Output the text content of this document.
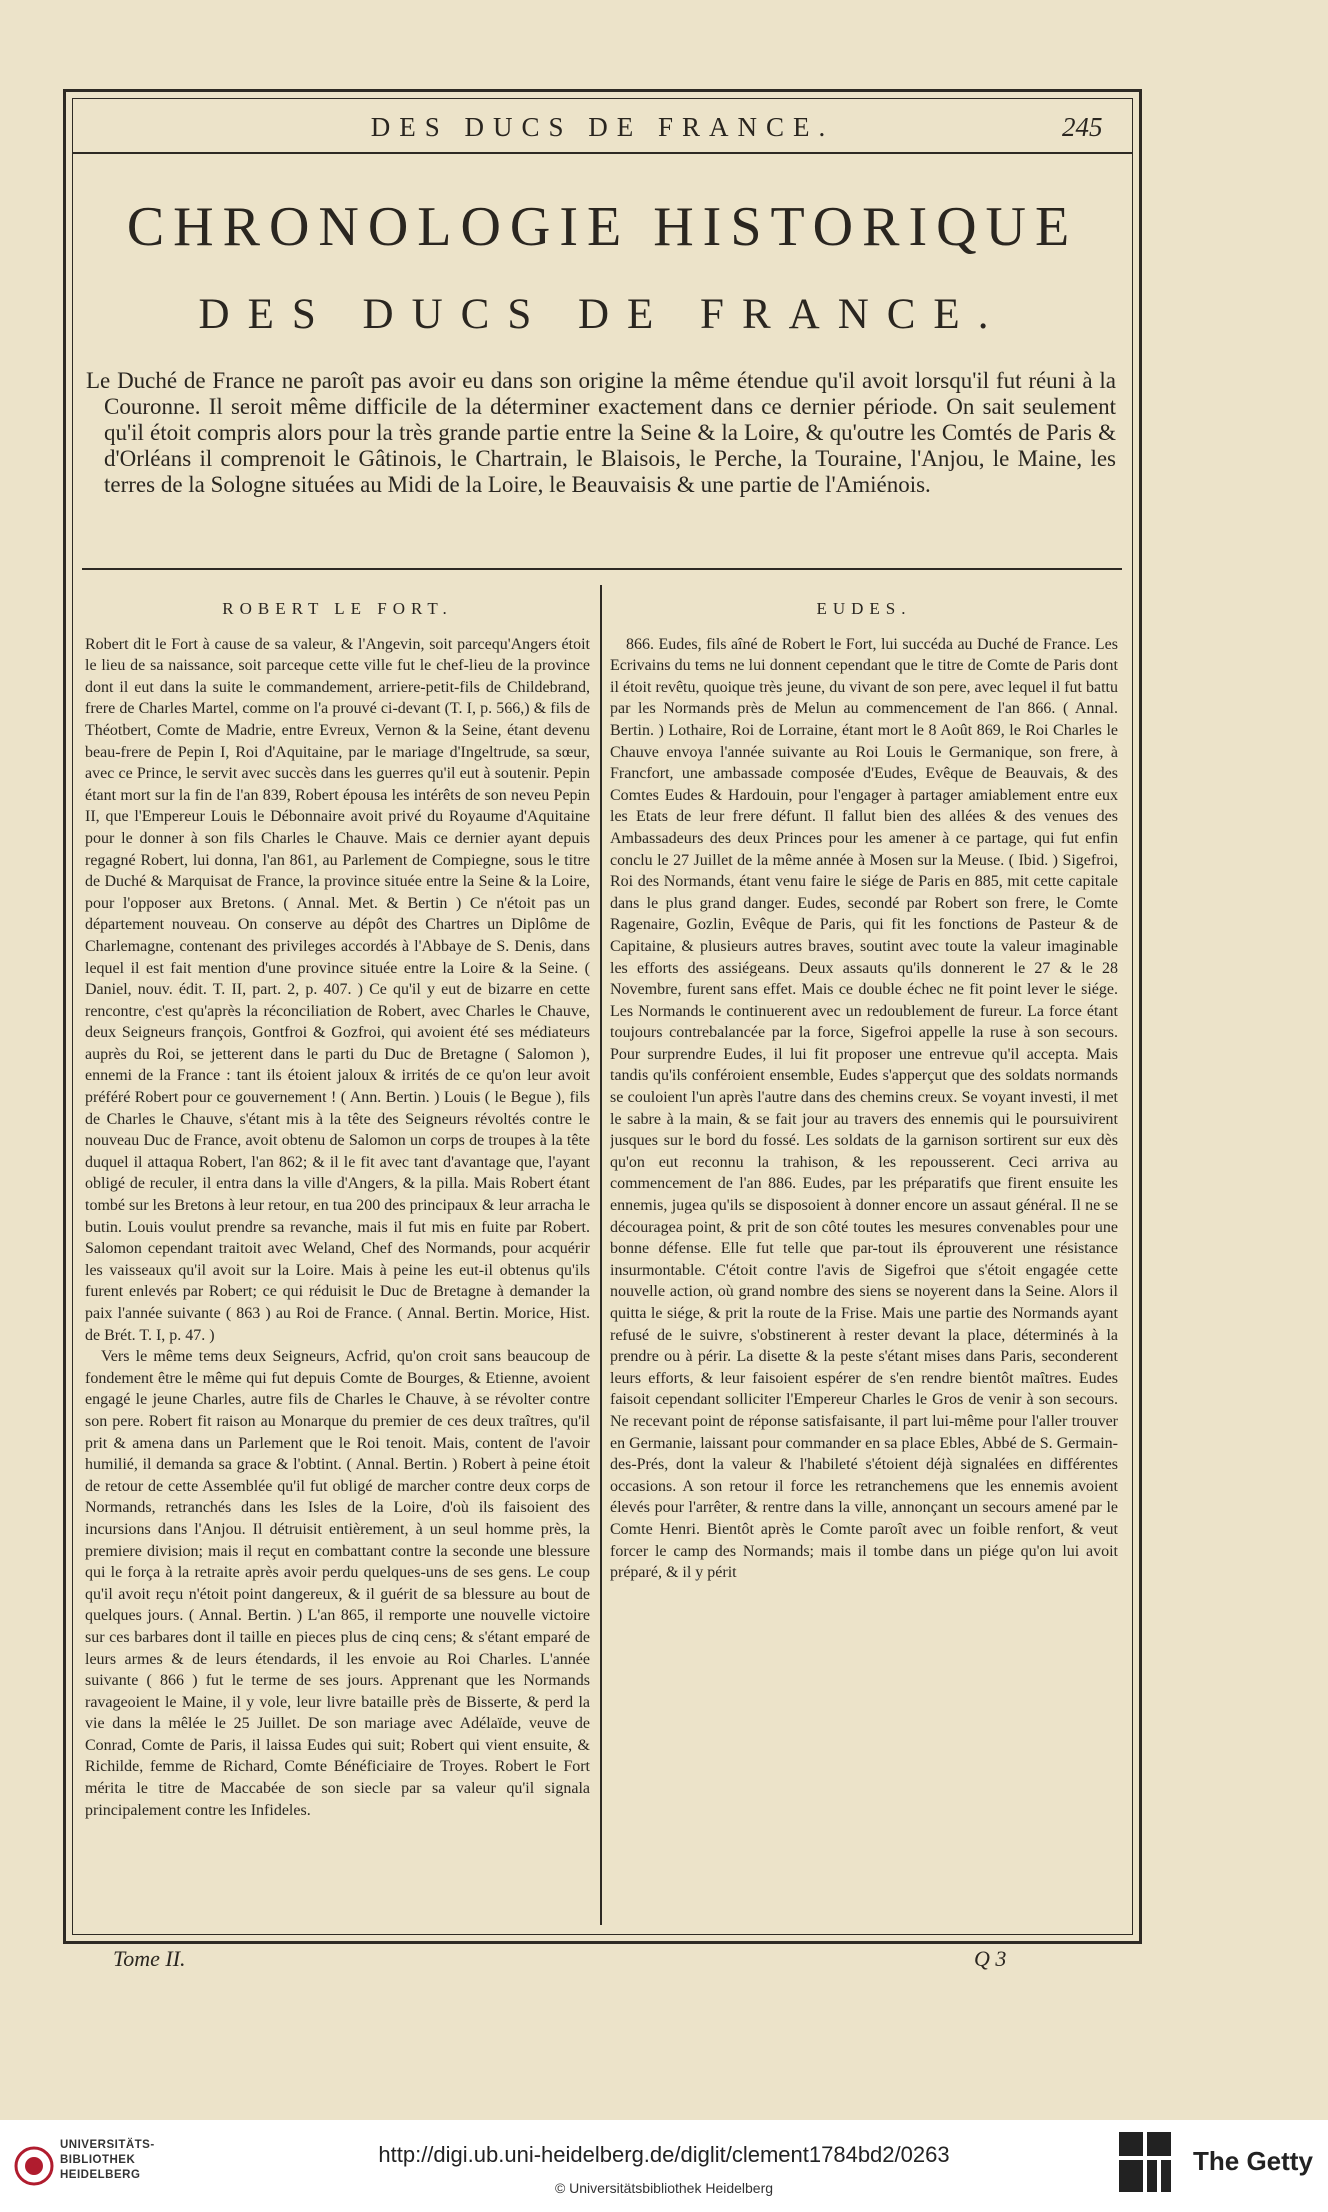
DES DUCS DE FRANCE.	245
CHRONOLOGIE HISTORIQUE
DES DUCS DE FRANCE.
Le Duché de France ne paroît pas avoir eu dans son origine la même étendue qu'il avoit lorsqu'il fut réuni à la Couronne. Il seroit même difficile de la déterminer exactement dans ce dernier période. On sait seulement qu'il étoit compris alors pour la très grande partie entre la Seine & la Loire, & qu'outre les Comtés de Paris & d'Orléans il comprenoit le Gâtinois, le Chartrain, le Blaisois, le Perche, la Touraine, l'Anjou, le Maine, les terres de la Sologne situées au Midi de la Loire, le Beauvaisis & une partie de l'Amiénois.
ROBERT LE FORT.

Robert dit le Fort à cause de sa valeur, & l'Angevin, soit parcequ'Angers étoit le lieu de sa naissance, soit parceque cette ville fut le chef-lieu de la province dont il eut dans la suite le commandement, arriere-petit-fils de Childebrand, frere de Charles Martel, comme on l'a prouvé ci-devant (T. I, p. 566,) & fils de Théotbert, Comte de Madrie, entre Evreux, Vernon & la Seine, étant devenu beau-frere de Pepin I, Roi d'Aquitaine, par le mariage d'Ingeltrude, sa sœur, avec ce Prince, le servit avec succès dans les guerres qu'il eut à soutenir. Pepin étant mort sur la fin de l'an 839, Robert épousa les intérêts de son neveu Pepin II, que l'Empereur Louis le Débonnaire avoit privé du Royaume d'Aquitaine pour le donner à son fils Charles le Chauve. Mais ce dernier ayant depuis regagné Robert, lui donna, l'an 861, au Parlement de Compiegne, sous le titre de Duché & Marquisat de France, la province située entre la Seine & la Loire, pour l'opposer aux Bretons. ( Annal. Met. & Bertin ) Ce n'étoit pas un département nouveau. On conserve au dépôt des Chartres un Diplôme de Charlemagne, contenant des privileges accordés à l'Abbaye de S. Denis, dans lequel il est fait mention d'une province située entre la Loire & la Seine. ( Daniel, nouv. édit. T. II, part. 2, p. 407. ) Ce qu'il y eut de bizarre en cette rencontre, c'est qu'après la réconciliation de Robert, avec Charles le Chauve, deux Seigneurs françois, Gontfroi & Gozfroi, qui avoient été ses médiateurs auprès du Roi, se jetterent dans le parti du Duc de Bretagne ( Salomon ), ennemi de la France : tant ils étoient jaloux & irrités de ce qu'on leur avoit préféré Robert pour ce gouvernement ! ( Ann. Bertin. ) Louis ( le Begue ), fils de Charles le Chauve, s'étant mis à la tête des Seigneurs révoltés contre le nouveau Duc de France, avoit obtenu de Salomon un corps de troupes à la tête duquel il attaqua Robert, l'an 862; & il le fit avec tant d'avantage que, l'ayant obligé de reculer, il entra dans la ville d'Angers, & la pilla. Mais Robert étant tombé sur les Bretons à leur retour, en tua 200 des principaux & leur arracha le butin. Louis voulut prendre sa revanche, mais il fut mis en fuite par Robert. Salomon cependant traitoit avec Weland, Chef des Normands, pour acquérir les vaisseaux qu'il avoit sur la Loire. Mais à peine les eut-il obtenus qu'ils furent enlevés par Robert; ce qui réduisit le Duc de Bretagne à demander la paix l'année suivante ( 863 ) au Roi de France. ( Annal. Bertin. Morice, Hist. de Brét. T. I, p. 47. )

Vers le même tems deux Seigneurs, Acfrid, qu'on croit sans beaucoup de fondement être le même qui fut depuis Comte de Bourges, & Etienne, avoient engagé le jeune Charles, autre fils de Charles le Chauve, à se révolter contre son pere. Robert fit raison au Monarque du premier de ces deux traîtres, qu'il prit & amena dans un Parlement que le Roi tenoit. Mais, content de l'avoir humilié, il demanda sa grace & l'obtint. ( Annal. Bertin. ) Robert à peine étoit de retour de cette Assemblée qu'il fut obligé de marcher contre deux corps de Normands, retranchés dans les Isles de la Loire, d'où ils faisoient des incursions dans l'Anjou. Il détruisit entièrement, à un seul homme près, la premiere division; mais il reçut en combattant contre la seconde une blessure qui le força à la retraite après avoir perdu quelques-uns de ses gens. Le coup qu'il avoit reçu n'étoit point dangereux, & il guérit de sa blessure au bout de quelques jours. ( Annal. Bertin. ) L'an 865, il remporte une nouvelle victoire sur ces barbares dont il taille en pieces plus de cinq cens; & s'étant emparé de leurs armes & de leurs étendards, il les envoie au Roi Charles. L'année suivante ( 866 ) fut le terme de ses jours. Apprenant que les Normands ravageoient le Maine, il y vole, leur livre bataille près de Bisserte, & perd la vie dans la mêlée le 25 Juillet. De son mariage avec Adélaïde, veuve de Conrad, Comte de Paris, il laissa Eudes qui suit; Robert qui vient ensuite, & Richilde, femme de Richard, Comte Bénéficiaire de Troyes. Robert le Fort mérita le titre de Maccabée de son siecle par sa valeur qu'il signala principalement contre les Infideles.

EUDES.

866. Eudes, fils aîné de Robert le Fort, lui succéda au Duché de France. Les Ecrivains du tems ne lui donnent cependant que le titre de Comte de Paris dont il étoit revêtu, quoique très jeune, du vivant de son pere, avec lequel il fut battu par les Normands près de Melun au commencement de l'an 866. ( Annal. Bertin. ) Lothaire, Roi de Lorraine, étant mort le 8 Août 869, le Roi Charles le Chauve envoya l'année suivante au Roi Louis le Germanique, son frere, à Francfort, une ambassade composée d'Eudes, Evêque de Beauvais, & des Comtes Eudes & Hardouin, pour l'engager à partager amiablement entre eux les Etats de leur frere défunt. Il fallut bien des allées & des venues des Ambassadeurs des deux Princes pour les amener à ce partage, qui fut enfin conclu le 27 Juillet de la même année à Mosen sur la Meuse. ( Ibid. ) Sigefroi, Roi des Normands, étant venu faire le siége de Paris en 885, mit cette capitale dans le plus grand danger. Eudes, secondé par Robert son frere, le Comte Ragenaire, Gozlin, Evêque de Paris, qui fit les fonctions de Pasteur & de Capitaine, & plusieurs autres braves, soutint avec toute la valeur imaginable les efforts des assiégeans. Deux assauts qu'ils donnerent le 27 & le 28 Novembre, furent sans effet. Mais ce double échec ne fit point lever le siége. Les Normands le continuerent avec un redoublement de fureur. La force étant toujours contrebalancée par la force, Sigefroi appelle la ruse à son secours. Pour surprendre Eudes, il lui fit proposer une entrevue qu'il accepta. Mais tandis qu'ils conféroient ensemble, Eudes s'apperçut que des soldats normands se couloient l'un après l'autre dans des chemins creux. Se voyant investi, il met le sabre à la main, & se fait jour au travers des ennemis qui le poursuivirent jusques sur le bord du fossé. Les soldats de la garnison sortirent sur eux dès qu'on eut reconnu la trahison, & les repousserent. Ceci arriva au commencement de l'an 886. Eudes, par les préparatifs que firent ensuite les ennemis, jugea qu'ils se disposoient à donner encore un assaut général. Il ne se découragea point, & prit de son côté toutes les mesures convenables pour une bonne défense. Elle fut telle que par-tout ils éprouverent une résistance insurmontable. C'étoit contre l'avis de Sigefroi que s'étoit engagée cette nouvelle action, où grand nombre des siens se noyerent dans la Seine. Alors il quitta le siége, & prit la route de la Frise. Mais une partie des Normands ayant refusé de le suivre, s'obstinerent à rester devant la place, déterminés à la prendre ou à périr. La disette & la peste s'étant mises dans Paris, seconderent leurs efforts, & leur faisoient espérer de s'en rendre bientôt maîtres. Eudes faisoit cependant solliciter l'Empereur Charles le Gros de venir à son secours. Ne recevant point de réponse satisfaisante, il part lui-même pour l'aller trouver en Germanie, laissant pour commander en sa place Ebles, Abbé de S. Germain-des-Prés, dont la valeur & l'habileté s'étoient déjà signalées en différentes occasions. A son retour il force les retranchemens que les ennemis avoient élevés pour l'arrêter, & rentre dans la ville, annonçant un secours amené par le Comte Henri. Bientôt après le Comte paroît avec un foible renfort, & veut forcer le camp des Normands; mais il tombe dans un piége qu'on lui avoit préparé, & il y périt

Tome II.	Q 3
UNIVERSITÄTS-
BIBLIOTHEK
HEIDELBERG
http://digi.ub.uni-heidelberg.de/diglit/clement1784bd2/0263
© Universitätsbibliothek Heidelberg
The Getty
